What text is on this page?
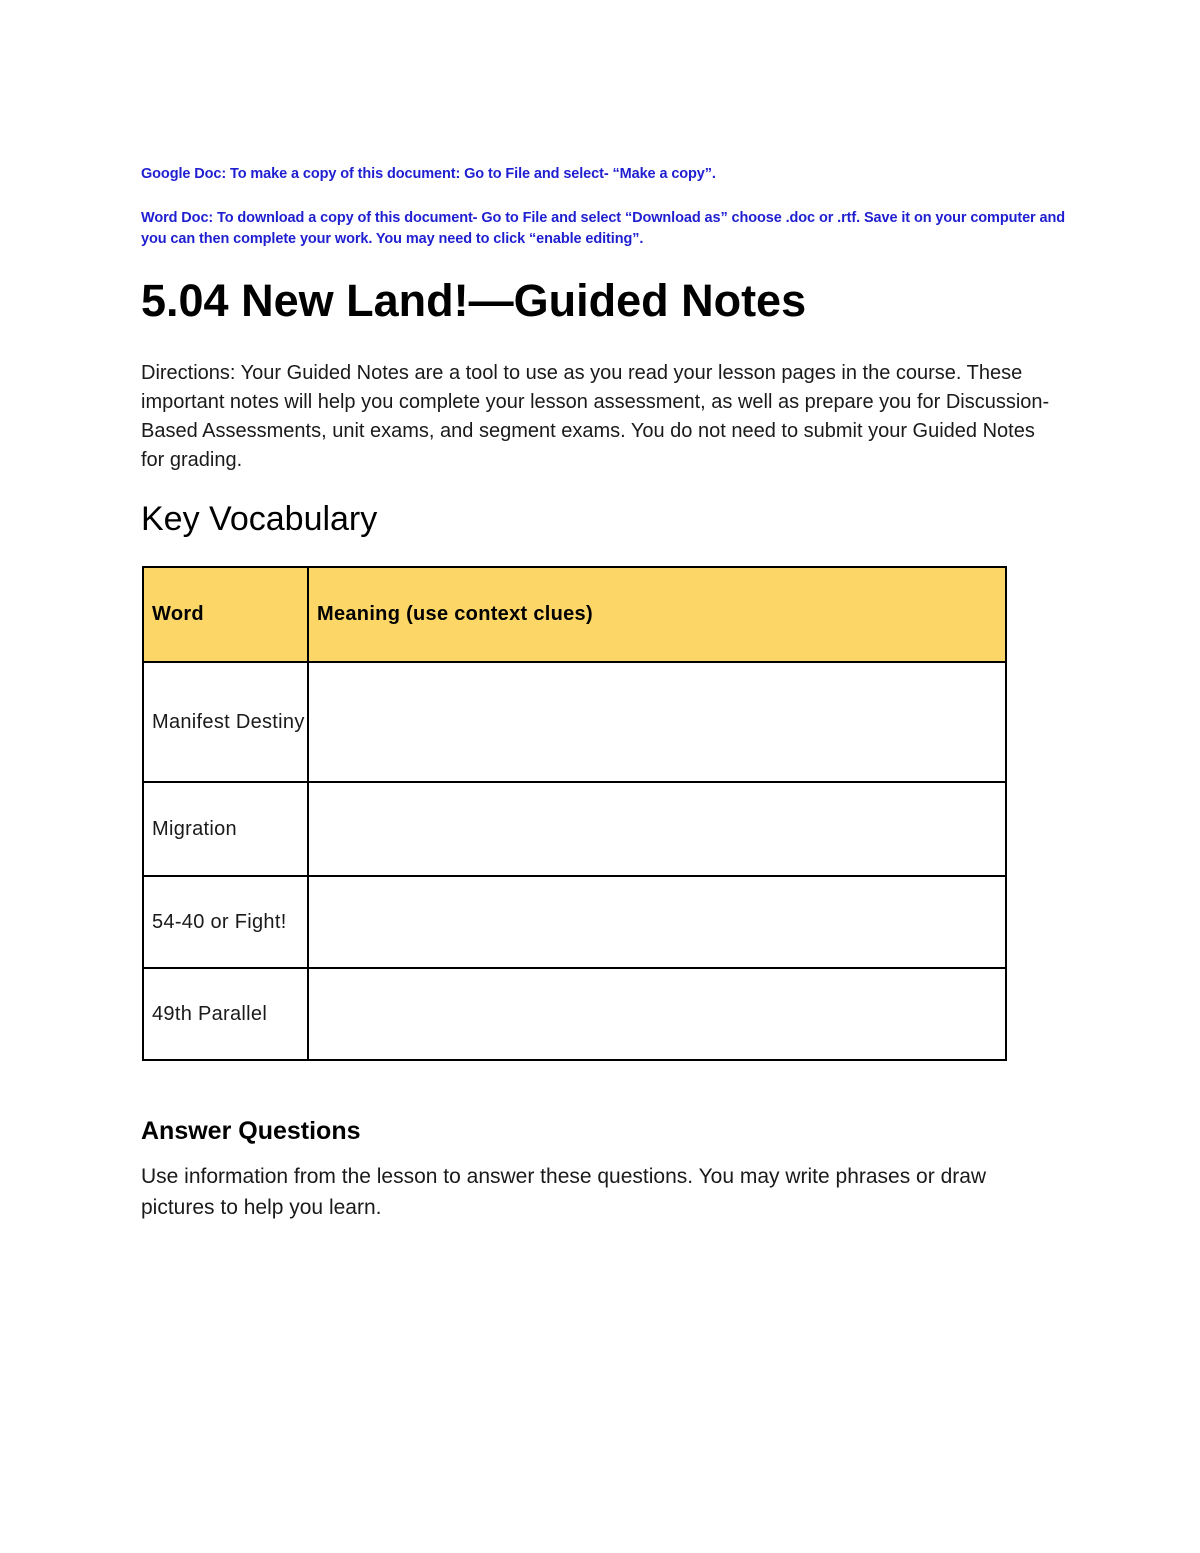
Google Doc: To make a copy of this document: Go to File and select- “Make a copy”.
Word Doc: To download a copy of this document- Go to File and select “Download as” choose .doc or .rtf. Save it on your computer and you can then complete your work. You may need to click “enable editing”.
5.04 New Land!—Guided Notes

Directions: Your Guided Notes are a tool to use as you read your lesson pages in the course. These important notes will help you complete your lesson assessment, as well as prepare you for Discussion-Based Assessments, unit exams, and segment exams. You do not need to submit your Guided Notes for grading.

Key Vocabulary
Word	Meaning (use context clues)
Manifest Destiny	
Migration	
54-40 or Fight!	
49th Parallel	
Answer Questions

Use information from the lesson to answer these questions. You may write phrases or draw pictures to help you learn.
